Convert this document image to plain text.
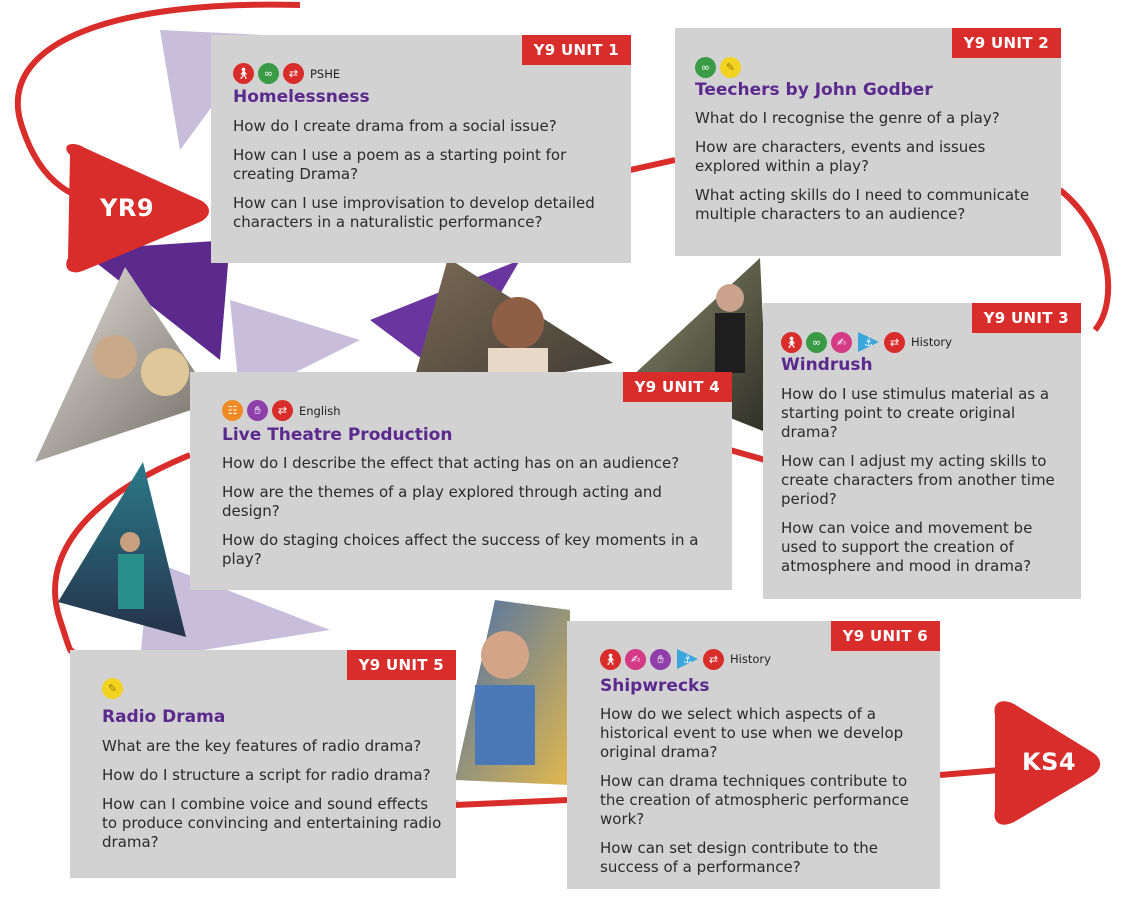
YR9
KS4
Y9 UNIT 1
🚶︎	∞	⇄	PSHE
Homelessness

How do I create drama from a social issue?

How can I use a poem as a starting point for creating Drama?

How can I use improvisation to develop detailed characters in a naturalistic performance?

Y9 UNIT 2
∞	✎
Teechers by John Godber

What do I recognise the genre of a play?

How are characters, events and issues explored within a play?

What acting skills do I need to communicate multiple characters to an audience?

Y9 UNIT 3
🚶︎	∞	✍	⚓	⇄	History
Windrush

How do I use stimulus material as a starting point to create original drama?

How can I adjust my acting skills to create characters from another time period?

How can voice and movement be used to support the creation of atmosphere and mood in drama?

Y9 UNIT 4
☷	✋︎	⇄	English
Live Theatre Production

How do I describe the effect that acting has on an audience?

How are the themes of a play explored through acting and design?

How do staging choices affect the success of key moments in a play?

Y9 UNIT 5
✎
Radio Drama

What are the key features of radio drama?

How do I structure a script for radio drama?

How can I combine voice and sound effects to produce convincing and entertaining radio drama?

Y9 UNIT 6
🚶︎	✍	✋︎	⚓	⇄	History
Shipwrecks

How do we select which aspects of a historical event to use when we develop original drama?

How can drama techniques contribute to the creation of atmospheric performance work?

How can set design contribute to the success of a performance?
